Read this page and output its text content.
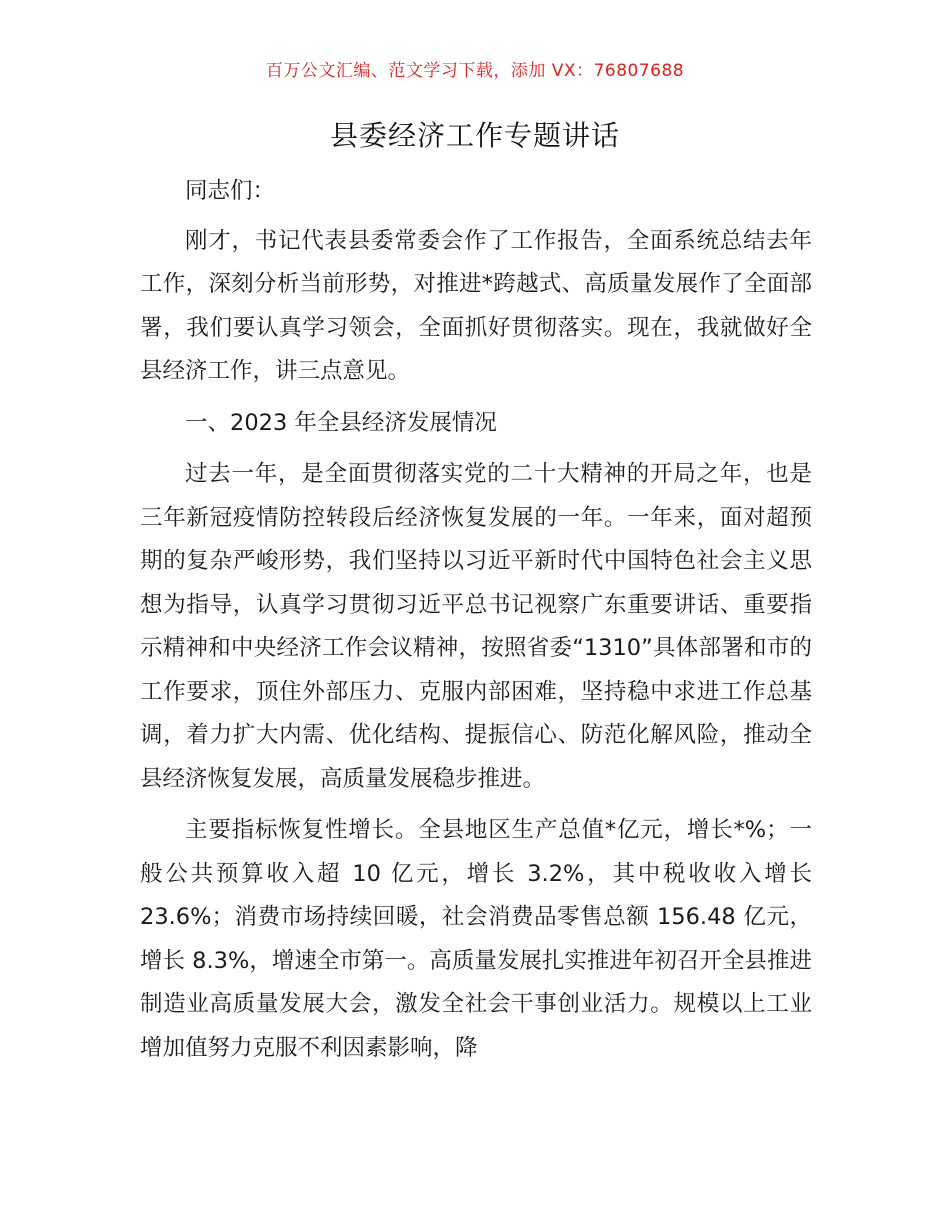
百万公文汇编、范文学习下载，添加 VX：76807688
县委经济工作专题讲话

同志们：

刚才，书记代表县委常委会作了工作报告，全面系统总结去年工作，深刻分析当前形势，对推进*跨越式、高质量发展作了全面部署，我们要认真学习领会，全面抓好贯彻落实。现在，我就做好全县经济工作，讲三点意见。

一、2023 年全县经济发展情况

过去一年，是全面贯彻落实党的二十大精神的开局之年，也是三年新冠疫情防控转段后经济恢复发展的一年。一年来，面对超预期的复杂严峻形势，我们坚持以习近平新时代中国特色社会主义思想为指导，认真学习贯彻习近平总书记视察广东重要讲话、重要指示精神和中央经济工作会议精神，按照省委“1310”具体部署和市的工作要求，顶住外部压力、克服内部困难，坚持稳中求进工作总基调，着力扩大内需、优化结构、提振信心、防范化解风险，推动全县经济恢复发展，高质量发展稳步推进。

主要指标恢复性增长。全县地区生产总值*亿元，增长*%；一般公共预算收入超 10 亿元，增长 3.2%，其中税收收入增长 23.6%；消费市场持续回暖，社会消费品零售总额 156.48 亿元，增长 8.3%，增速全市第一。高质量发展扎实推进年初召开全县推进制造业高质量发展大会，激发全社会干事创业活力。规模以上工业增加值努力克服不利因素影响，降
